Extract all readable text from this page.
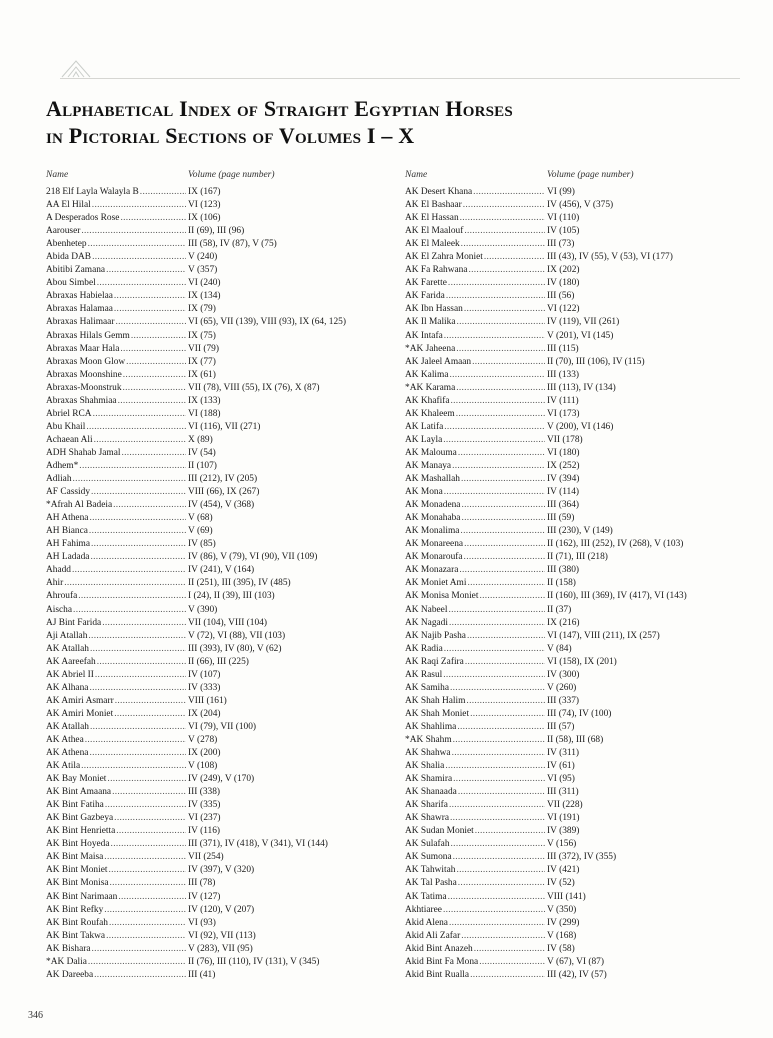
Alphabetical Index of Straight Egyptian Horses
in Pictorial Sections of Volumes I – X
Name	Volume (page number)
218 Elf Layla Walayla B .....	IX (167)
AA El Hilal .....	VI (123)
A Desperados Rose .....	IX (106)
Aarouser .....	II (69), III (96)
Abenhetep .....	III (58), IV (87), V (75)
Abida DAB .....	V (240)
Abitibi Zamana .....	V (357)
Abou Simbel .....	VI (240)
Abraxas Habielaa .....	IX (134)
Abraxas Halamaa .....	IX (79)
Abraxas Halimaar .....	VI (65), VII (139), VIII (93), IX (64, 125)
Abraxas Hilals Gemm .....	IX (75)
Abraxas Maar Hala .....	VII (79)
Abraxas Moon Glow .....	IX (77)
Abraxas Moonshine .....	IX (61)
Abraxas-Moonstruk .....	VII (78), VIII (55), IX (76), X (87)
Abraxas Shahmiaa .....	IX (133)
Abriel RCA .....	VI (188)
Abu Khail .....	VI (116), VII (271)
Achaean Ali .....	X (89)
ADH Shahab Jamal .....	IV (54)
Adhem* .....	II (107)
Adliah .....	III (212), IV (205)
AF Cassidy .....	VIII (66), IX (267)
*Afrah Al Badeia .....	IV (454), V (368)
AH Athena .....	V (68)
AH Bianca .....	V (69)
AH Fahima .....	IV (85)
AH Ladada .....	IV (86), V (79), VI (90), VII (109)
Ahadd .....	IV (241), V (164)
Ahir .....	II (251), III (395), IV (485)
Ahroufa .....	I (24), II (39), III (103)
Aischa .....	V (390)
AJ Bint Farida .....	VII (104), VIII (104)
Aji Atallah .....	V (72), VI (88), VII (103)
AK Atallah .....	III (393), IV (80), V (62)
AK Aareefah .....	II (66), III (225)
AK Abriel II .....	IV (107)
AK Alhana .....	IV (333)
AK Amiri Asmarr .....	VIII (161)
AK Amiri Moniet .....	IX (204)
AK Atallah .....	VI (79), VII (100)
AK Athea .....	V (278)
AK Athena .....	IX (200)
AK Atila .....	V (108)
AK Bay Moniet .....	IV (249), V (170)
AK Bint Amaana .....	III (338)
AK Bint Fatiha .....	IV (335)
AK Bint Gazbeya .....	VI (237)
AK Bint Henrietta .....	IV (116)
AK Bint Hoyeda .....	III (371), IV (418), V (341), VI (144)
AK Bint Maisa .....	VII (254)
AK Bint Moniet .....	IV (397), V (320)
AK Bint Monisa .....	III (78)
AK Bint Narimaan .....	IV (127)
AK Bint Refky .....	IV (120), V (207)
AK Bint Roufah .....	VI (93)
AK Bint Takwa .....	VI (92), VII (113)
AK Bishara .....	V (283), VII (95)
*AK Dalia .....	II (76), III (110), IV (131), V (345)
AK Dareeba .....	III (41)
Name	Volume (page number)
AK Desert Khana .....	VI (99)
AK El Bashaar .....	IV (456), V (375)
AK El Hassan .....	VI (110)
AK El Maalouf .....	IV (105)
AK El Maleek .....	III (73)
AK El Zahra Moniet .....	III (43), IV (55), V (53), VI (177)
AK Fa Rahwana .....	IX (202)
AK Farette .....	IV (180)
AK Farida .....	III (56)
AK Ibn Hassan .....	VI (122)
AK Il Malika .....	IV (119), VII (261)
AK Intafa .....	V (201), VI (145)
*AK Jaheena .....	III (115)
AK Jaleel Amaan .....	II (70), III (106), IV (115)
AK Kalima .....	III (133)
*AK Karama .....	III (113), IV (134)
AK Khafifa .....	IV (111)
AK Khaleem .....	VI (173)
AK Latifa .....	V (200), VI (146)
AK Layla .....	VII (178)
AK Malouma .....	VI (180)
AK Manaya .....	IX (252)
AK Mashallah .....	IV (394)
AK Mona .....	IV (114)
AK Monadena .....	III (364)
AK Monahaba .....	III (59)
AK Monalima .....	III (230), V (149)
AK Monareena .....	II (162), III (252), IV (268), V (103)
AK Monaroufa .....	II (71), III (218)
AK Monazara .....	III (380)
AK Moniet Ami .....	II (158)
AK Monisa Moniet .....	II (160), III (369), IV (417), VI (143)
AK Nabeel .....	II (37)
AK Nagadi .....	IX (216)
AK Najib Pasha .....	VI (147), VIII (211), IX (257)
AK Radia .....	V (84)
AK Raqi Zafira .....	VI (158), IX (201)
AK Rasul .....	IV (300)
AK Samiha .....	V (260)
AK Shah Halim .....	III (337)
AK Shah Moniet .....	III (74), IV (100)
AK Shahlima .....	III (57)
*AK Shahm .....	II (58), III (68)
AK Shahwa .....	IV (311)
AK Shalia .....	IV (61)
AK Shamira .....	VI (95)
AK Shanaada .....	III (311)
AK Sharifa .....	VII (228)
AK Shawra .....	VI (191)
AK Sudan Moniet .....	IV (389)
AK Sulafah .....	V (156)
AK Sumona .....	III (372), IV (355)
AK Tahwitah .....	IV (421)
AK Tal Pasha .....	IV (52)
AK Tatima .....	VIII (141)
Akhtiaree .....	V (350)
Akid Alena .....	IV (299)
Akid Ali Zafar .....	V (168)
Akid Bint Anazeh .....	IV (58)
Akid Bint Fa Mona .....	V (67), VI (87)
Akid Bint Rualla .....	III (42), IV (57)
346
